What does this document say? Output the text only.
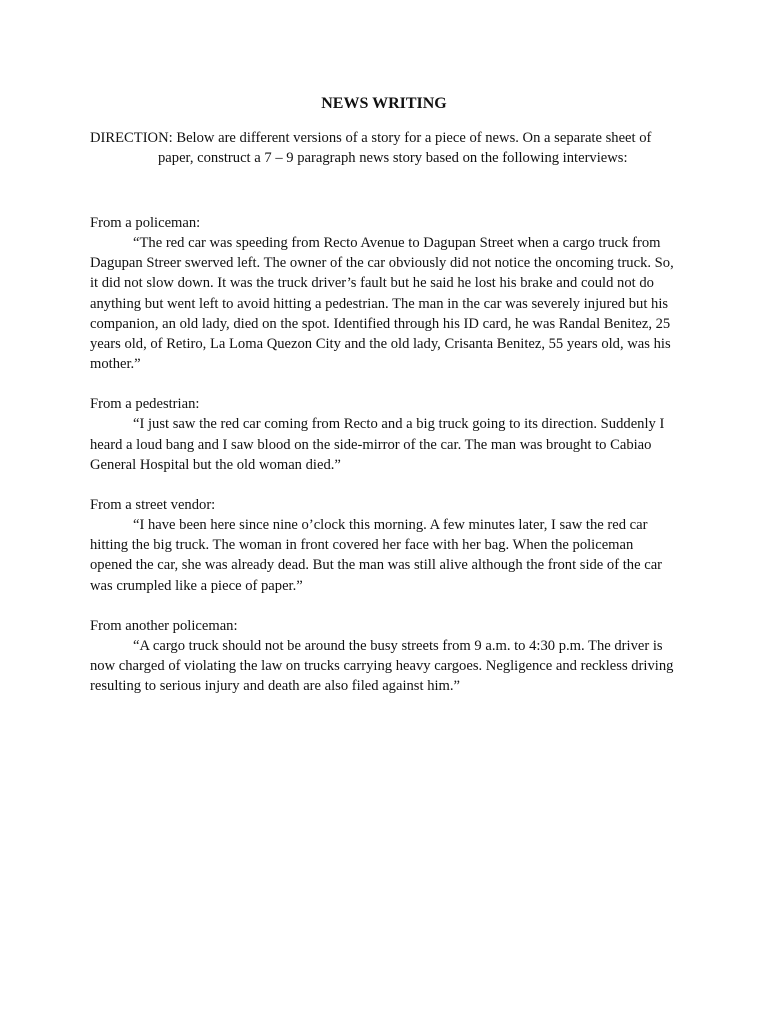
NEWS WRITING

DIRECTION: Below are different versions of a story for a piece of news. On a separate sheet of
paper, construct a 7 – 9 paragraph news story based on the following interviews:

From a policeman:

“The red car was speeding from Recto Avenue to Dagupan Street when a cargo truck from Dagupan Streer swerved left. The owner of the car obviously did not notice the oncoming truck. So, it did not slow down. It was the truck driver’s fault but he said he lost his brake and could not do anything but went left to avoid hitting a pedestrian. The man in the car was severely injured but his companion, an old lady, died on the spot. Identified through his ID card, he was Randal Benitez, 25 years old, of Retiro, La Loma Quezon City and the old lady, Crisanta Benitez, 55 years old, was his mother.”

From a pedestrian:

“I just saw the red car coming from Recto and a big truck going to its direction. Suddenly I heard a loud bang and I saw blood on the side-mirror of the car. The man was brought to Cabiao General Hospital but the old woman died.”

From a street vendor:

“I have been here since nine o’clock this morning. A few minutes later, I saw the red car hitting the big truck. The woman in front covered her face with her bag. When the policeman opened the car, she was already dead. But the man was still alive although the front side of the car was crumpled like a piece of paper.”

From another policeman:

“A cargo truck should not be around the busy streets from 9 a.m. to 4:30 p.m. The driver is now charged of violating the law on trucks carrying heavy cargoes. Negligence and reckless driving resulting to serious injury and death are also filed against him.”
